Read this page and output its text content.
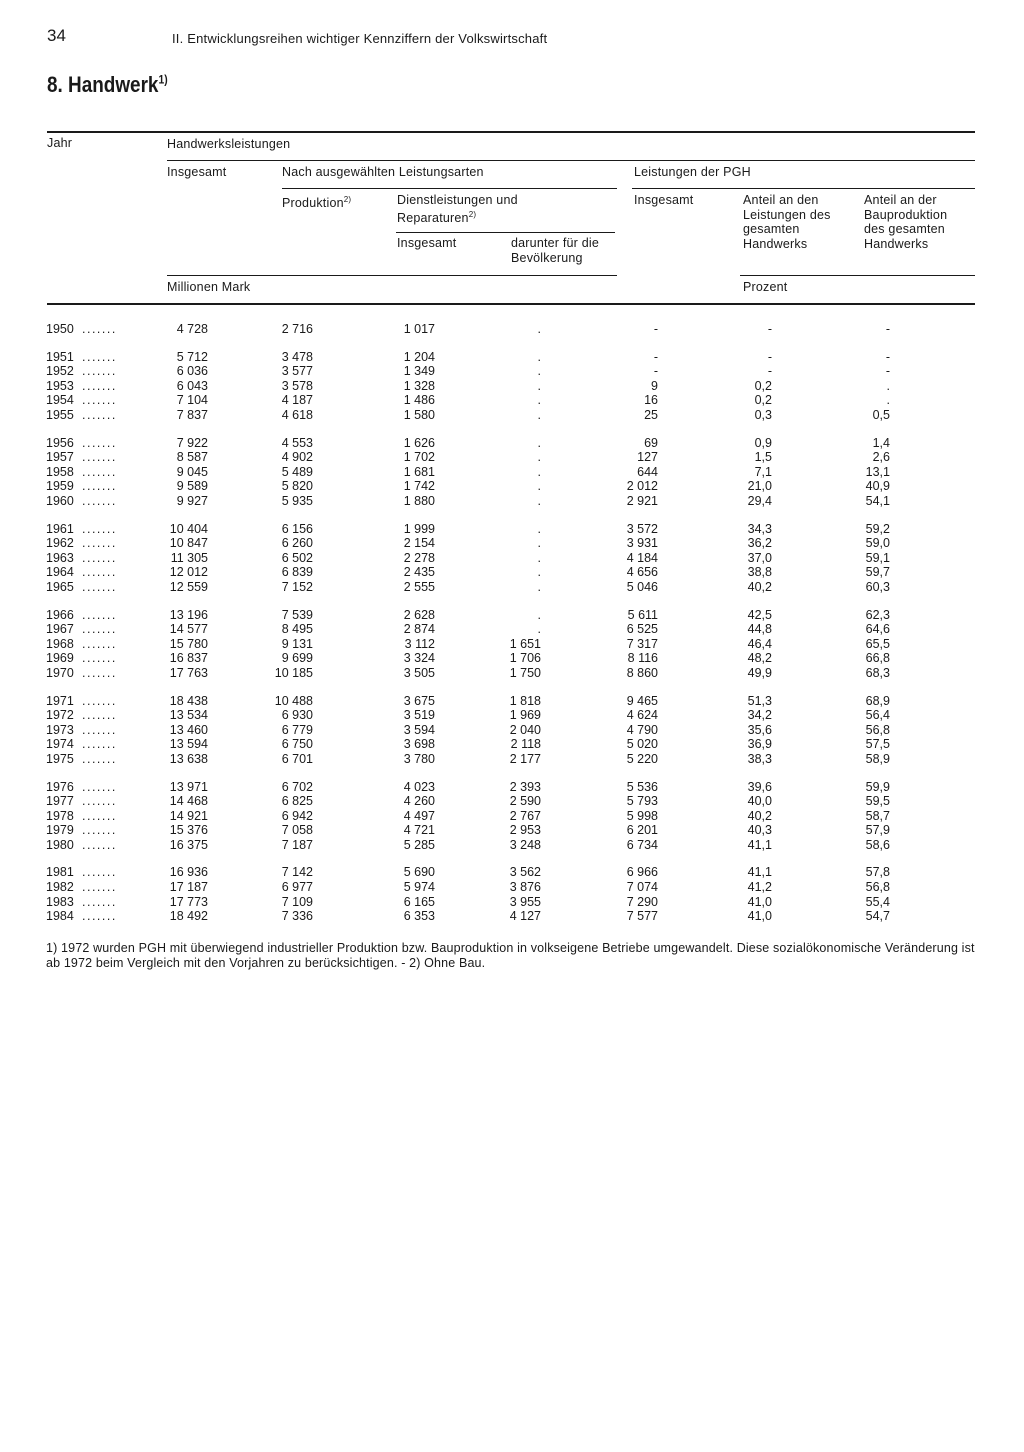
34	II. Entwicklungsreihen wichtiger Kennziffern der Volkswirtschaft
8. Handwerk$^{1)}$
Jahr	Handwerksleistungen
Insgesamt	Nach ausgewählten Leistungsarten	Leistungen der PGH
Produktion$^{2)}$	Dienstleistungen und
Reparaturen$^{2)}$
Insgesamt	darunter für die
Bevölkerung
Insgesamt	Anteil an den
Leistungen des
gesamten
Handwerks
Anteil an der
Bauproduktion
des gesamten
Handwerks
Millionen Mark	Prozent
1950 .......	4 728	2 716	1 017	.	-	-	-
1951 .......	5 712	3 478	1 204	.	-	-	-
1952 .......	6 036	3 577	1 349	.	-	-	-
1953 .......	6 043	3 578	1 328	.	9	0,2	.
1954 .......	7 104	4 187	1 486	.	16	0,2	.
1955 .......	7 837	4 618	1 580	.	25	0,3	0,5
1956 .......	7 922	4 553	1 626	.	69	0,9	1,4
1957 .......	8 587	4 902	1 702	.	127	1,5	2,6
1958 .......	9 045	5 489	1 681	.	644	7,1	13,1
1959 .......	9 589	5 820	1 742	.	2 012	21,0	40,9
1960 .......	9 927	5 935	1 880	.	2 921	29,4	54,1
1961 .......	10 404	6 156	1 999	.	3 572	34,3	59,2
1962 .......	10 847	6 260	2 154	.	3 931	36,2	59,0
1963 .......	11 305	6 502	2 278	.	4 184	37,0	59,1
1964 .......	12 012	6 839	2 435	.	4 656	38,8	59,7
1965 .......	12 559	7 152	2 555	.	5 046	40,2	60,3
1966 .......	13 196	7 539	2 628	.	5 611	42,5	62,3
1967 .......	14 577	8 495	2 874	.	6 525	44,8	64,6
1968 .......	15 780	9 131	3 112	1 651	7 317	46,4	65,5
1969 .......	16 837	9 699	3 324	1 706	8 116	48,2	66,8
1970 .......	17 763	10 185	3 505	1 750	8 860	49,9	68,3
1971 .......	18 438	10 488	3 675	1 818	9 465	51,3	68,9
1972 .......	13 534	6 930	3 519	1 969	4 624	34,2	56,4
1973 .......	13 460	6 779	3 594	2 040	4 790	35,6	56,8
1974 .......	13 594	6 750	3 698	2 118	5 020	36,9	57,5
1975 .......	13 638	6 701	3 780	2 177	5 220	38,3	58,9
1976 .......	13 971	6 702	4 023	2 393	5 536	39,6	59,9
1977 .......	14 468	6 825	4 260	2 590	5 793	40,0	59,5
1978 .......	14 921	6 942	4 497	2 767	5 998	40,2	58,7
1979 .......	15 376	7 058	4 721	2 953	6 201	40,3	57,9
1980 .......	16 375	7 187	5 285	3 248	6 734	41,1	58,6
1981 .......	16 936	7 142	5 690	3 562	6 966	41,1	57,8
1982 .......	17 187	6 977	5 974	3 876	7 074	41,2	56,8
1983 .......	17 773	7 109	6 165	3 955	7 290	41,0	55,4
1984 .......	18 492	7 336	6 353	4 127	7 577	41,0	54,7
1) 1972 wurden PGH mit überwiegend industrieller Produktion bzw. Bauproduktion in volkseigene Betriebe umgewandelt. Diese sozialökonomische Veränderung ist ab 1972 beim Vergleich mit den Vorjahren zu berücksichtigen. - 2) Ohne Bau.
